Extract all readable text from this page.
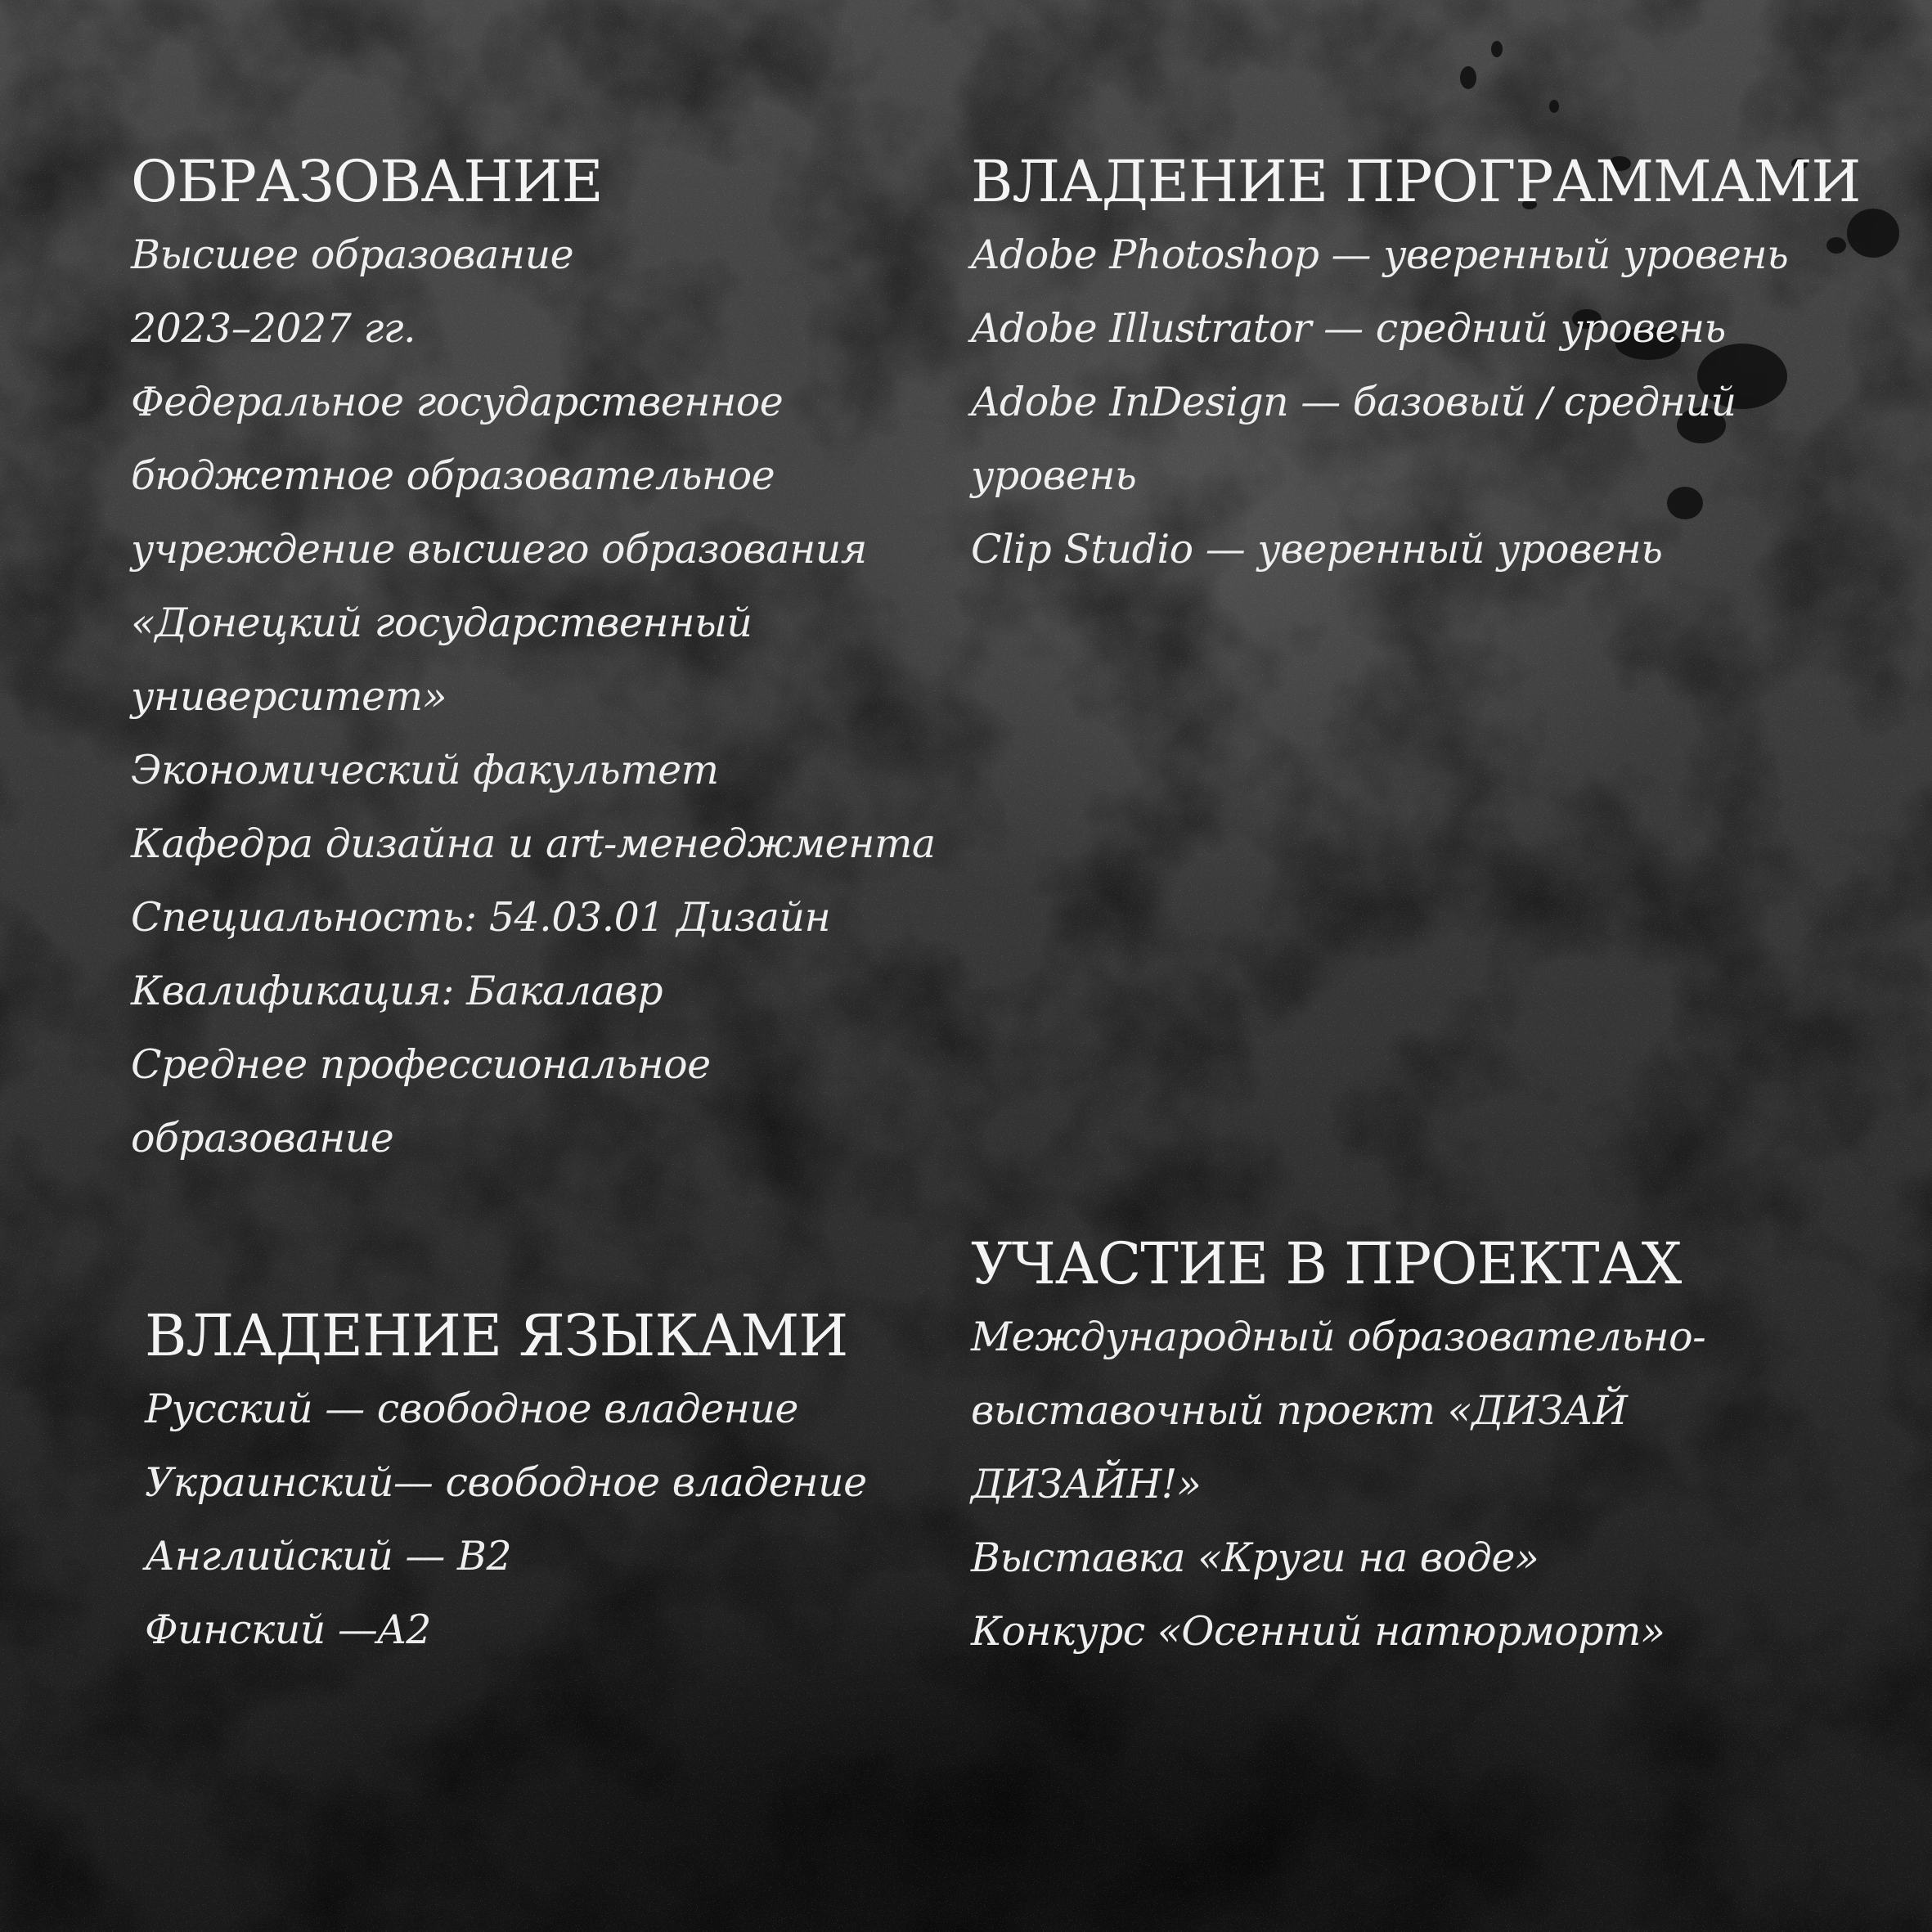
ОБРАЗОВАНИЕ
Высшее образование
2023–2027 гг.
Федеральное государственное
бюджетное образовательное
учреждение высшего образования
«Донецкий государственный
университет»
Экономический факультет
Кафедра дизайна и art-менеджмента
Специальность: 54.03.01 Дизайн
Квалификация: Бакалавр
Среднее профессиональное
образование
ВЛАДЕНИЕ ПРОГРАММАМИ
Adobe Photoshop — уверенный уровень
Adobe Illustrator — средний уровень
Adobe InDesign — базовый / средний
уровень
Clip Studio — уверенный уровень
ВЛАДЕНИЕ ЯЗЫКАМИ
Русский — свободное владение
Украинский— свободное владение
Английский — B2
Финский —A2
УЧАСТИЕ В ПРОЕКТАХ
Международный образовательно-
выставочный проект «ДИЗАЙ
ДИЗАЙН!»
Выставка «Круги на воде»
Конкурс «Осенний натюрморт»
